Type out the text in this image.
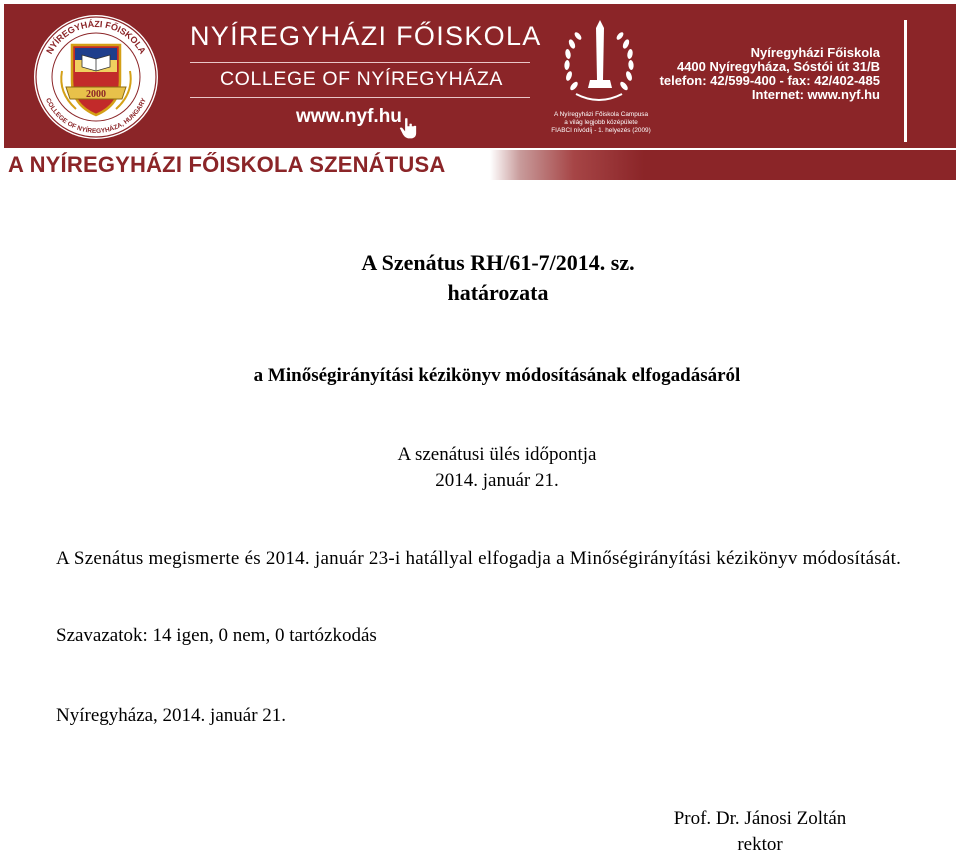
NYÍREGYHÁZI FŐISKOLA
COLLEGE OF NYÍREGYHÁZA, HUNGARY
2000
NYÍREGYHÁZI FŐISKOLA
COLLEGE OF NYÍREGYHÁZA
www.nyf.hu	A Nyíregyházi Főiskola Campusa
a világ legjobb középülete
FIABCI nívódíj - 1. helyezés (2009)
Nyíregyházi Főiskola
4400 Nyíregyháza, Sóstói út 31/B
telefon: 42/599-400 - fax: 42/402-485
Internet: www.nyf.hu
A NYÍREGYHÁZI FŐISKOLA SZENÁTUSA
A Szenátus RH/61-7/2014. sz.
határozata
a Minőségirányítási kézikönyv módosításának elfogadásáról
A szenátusi ülés időpontja
2014. január 21.
A Szenátus megismerte és 2014. január 23-i hatállyal elfogadja a Minőségirányítási kézikönyv módosítását.
Szavazatok: 14 igen, 0 nem, 0 tartózkodás
Nyíregyháza, 2014. január 21.
Prof. Dr. Jánosi Zoltán
rektor
